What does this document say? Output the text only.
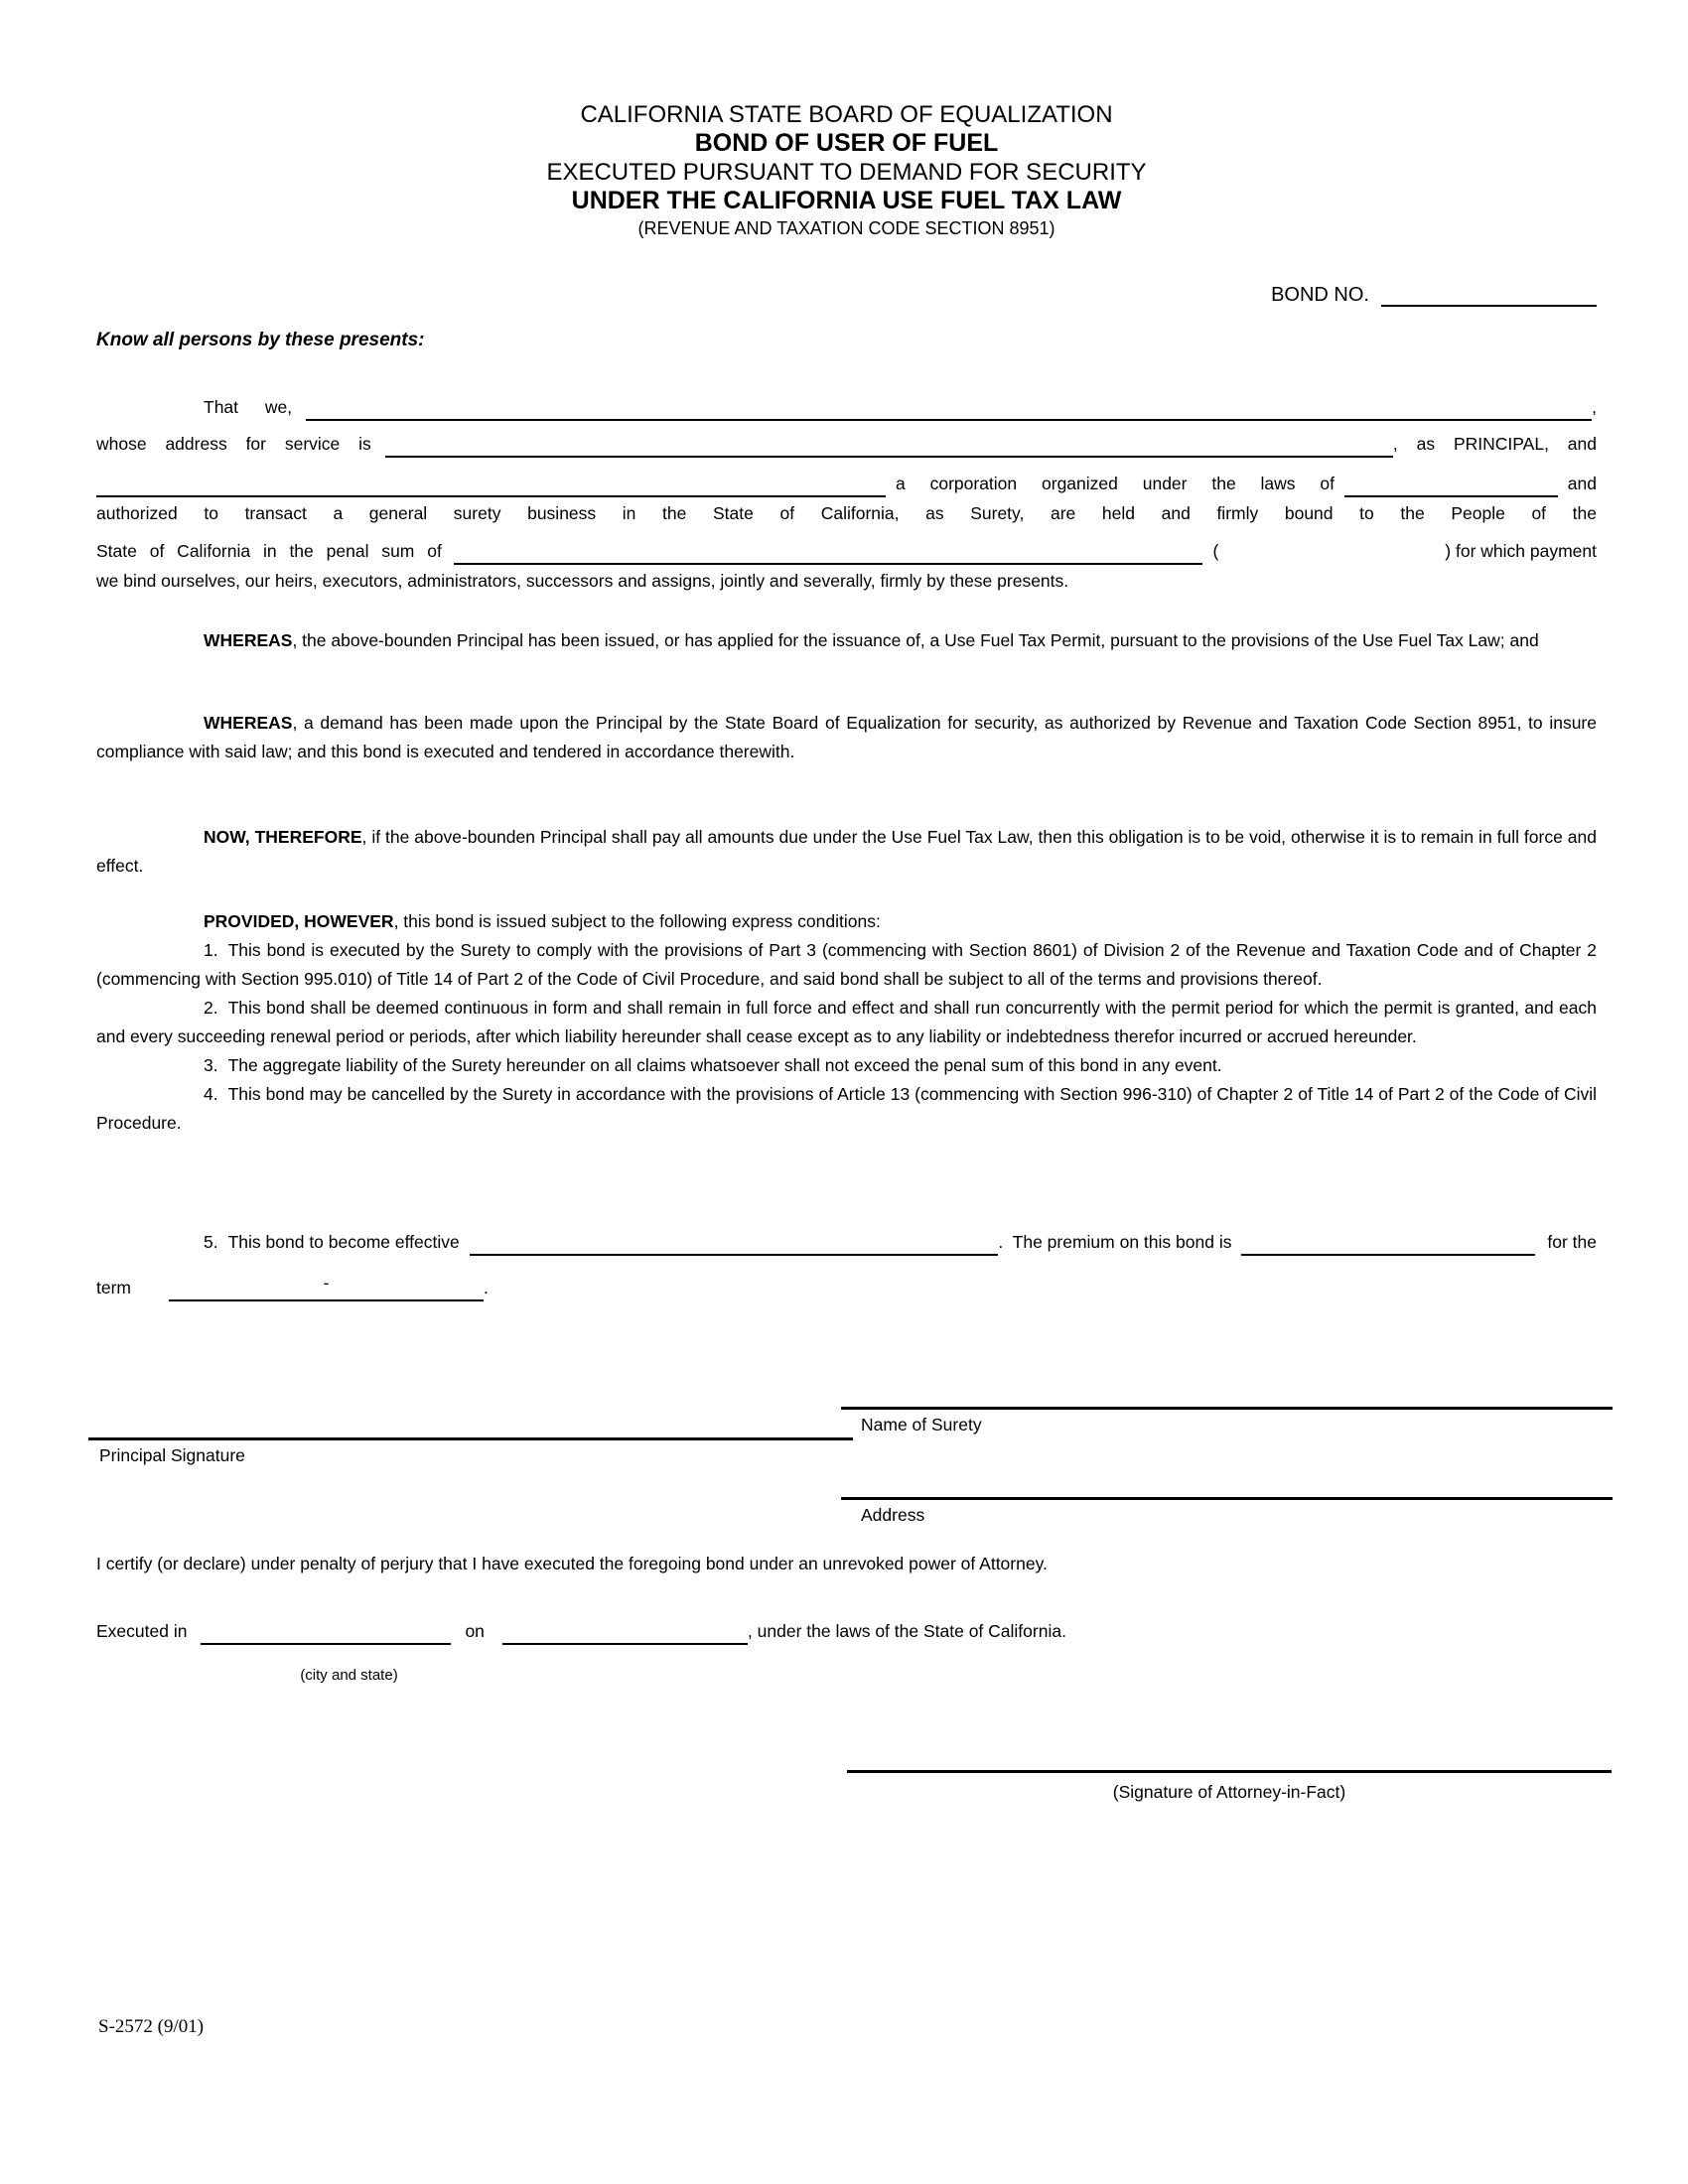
CALIFORNIA STATE BOARD OF EQUALIZATION
BOND OF USER OF FUEL
EXECUTED PURSUANT TO DEMAND FOR SECURITY
UNDER THE CALIFORNIA USE FUEL TAX LAW
(REVENUE AND TAXATION CODE SECTION 8951)
BOND NO.
Know all persons by these presents:
That we,	,
whose address for service is	, as PRINCIPAL, and
a corporation organized under the laws of	and

authorized to transact a general surety business in the State of California, as Surety, are held and firmly bound to the People of the

State of California in the penal sum of	(	) for which payment

we bind ourselves, our heirs, executors, administrators, successors and assigns, jointly and severally, firmly by these presents.

WHEREAS, the above-bounden Principal has been issued, or has applied for the issuance of, a Use Fuel Tax Permit, pursuant to the provisions of the Use Fuel Tax Law; and

WHEREAS, a demand has been made upon the Principal by the State Board of Equalization for security, as authorized by Revenue and Taxation Code Section 8951, to insure compliance with said law; and this bond is executed and tendered in accordance therewith.

NOW, THEREFORE, if the above-bounden Principal shall pay all amounts due under the Use Fuel Tax Law, then this obligation is to be void, otherwise it is to remain in full force and effect.

PROVIDED, HOWEVER, this bond is issued subject to the following express conditions:

1. This bond is executed by the Surety to comply with the provisions of Part 3 (commencing with Section 8601) of Division 2 of the Revenue and Taxation Code and of Chapter 2 (commencing with Section 995.010) of Title 14 of Part 2 of the Code of Civil Procedure, and said bond shall be subject to all of the terms and provisions thereof.

2. This bond shall be deemed continuous in form and shall remain in full force and effect and shall run concurrently with the permit period for which the permit is granted, and each and every succeeding renewal period or periods, after which liability hereunder shall cease except as to any liability or indebtedness therefor incurred or accrued hereunder.

3. The aggregate liability of the Surety hereunder on all claims whatsoever shall not exceed the penal sum of this bond in any event.

4. This bond may be cancelled by the Surety in accordance with the provisions of Article 13 (commencing with Section 996-310) of Chapter 2 of Title 14 of Part 2 of the Code of Civil Procedure.

5. This bond to become effective	.  The premium on this bond is	for the
term	-	.
Name of Surety
Principal Signature
Address

I certify (or declare) under penalty of perjury that I have executed the foregoing bond under an unrevoked power of Attorney.

Executed in	on	, under the laws of the State of California.
(city and state)
(Signature of Attorney-in-Fact)
S-2572 (9/01)
